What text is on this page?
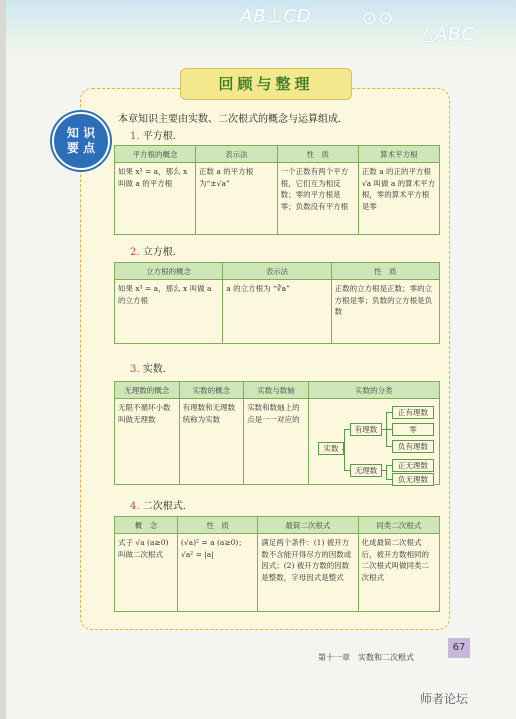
AB⊥CD	⊙⊙
△ABC
回顾与整理
知 识
要 点
本章知识主要由实数、二次根式的概念与运算组成．
1. 平方根．
平方根的概念	表示法	性　质	算术平方根
如果 x² = a，那么 x 叫做 a 的平方根	正数 a 的平方根为“±√a”	一个正数有两个平方根，它们互为相反数；零的平方根是零；负数没有平方根	正数 a 的正的平方根 √a 叫做 a 的算术平方根，零的算术平方根是零
2. 立方根．
立方根的概念	表示法	性　质
如果 x³ = a，那么 x 叫做 a 的立方根	a 的立方根为 “∛a”	正数的立方根是正数；零的立方根是零；负数的立方根是负数
3. 实数．
无理数的概念	实数的概念	实数与数轴	实数的分类
无限不循环小数叫做无理数	有理数和无理数统称为实数	实数和数轴上的点是一一对应的	
实数
有理数
无理数
正有理数
零
负有理数
正无理数
负无理数
4. 二次根式．
概　念	性　质	最简二次根式	同类二次根式
式子 √a (a≥0) 叫做二次根式	(√a)² = a (a≥0)；√a² = |a|	满足两个条件：(1) 被开方数不含能开得尽方的因数或因式；(2) 被开方数的因数是整数，字母因式是整式	化成最简二次根式后，被开方数相同的二次根式叫做同类二次根式
第十一章　实数和二次根式
67
师者论坛
